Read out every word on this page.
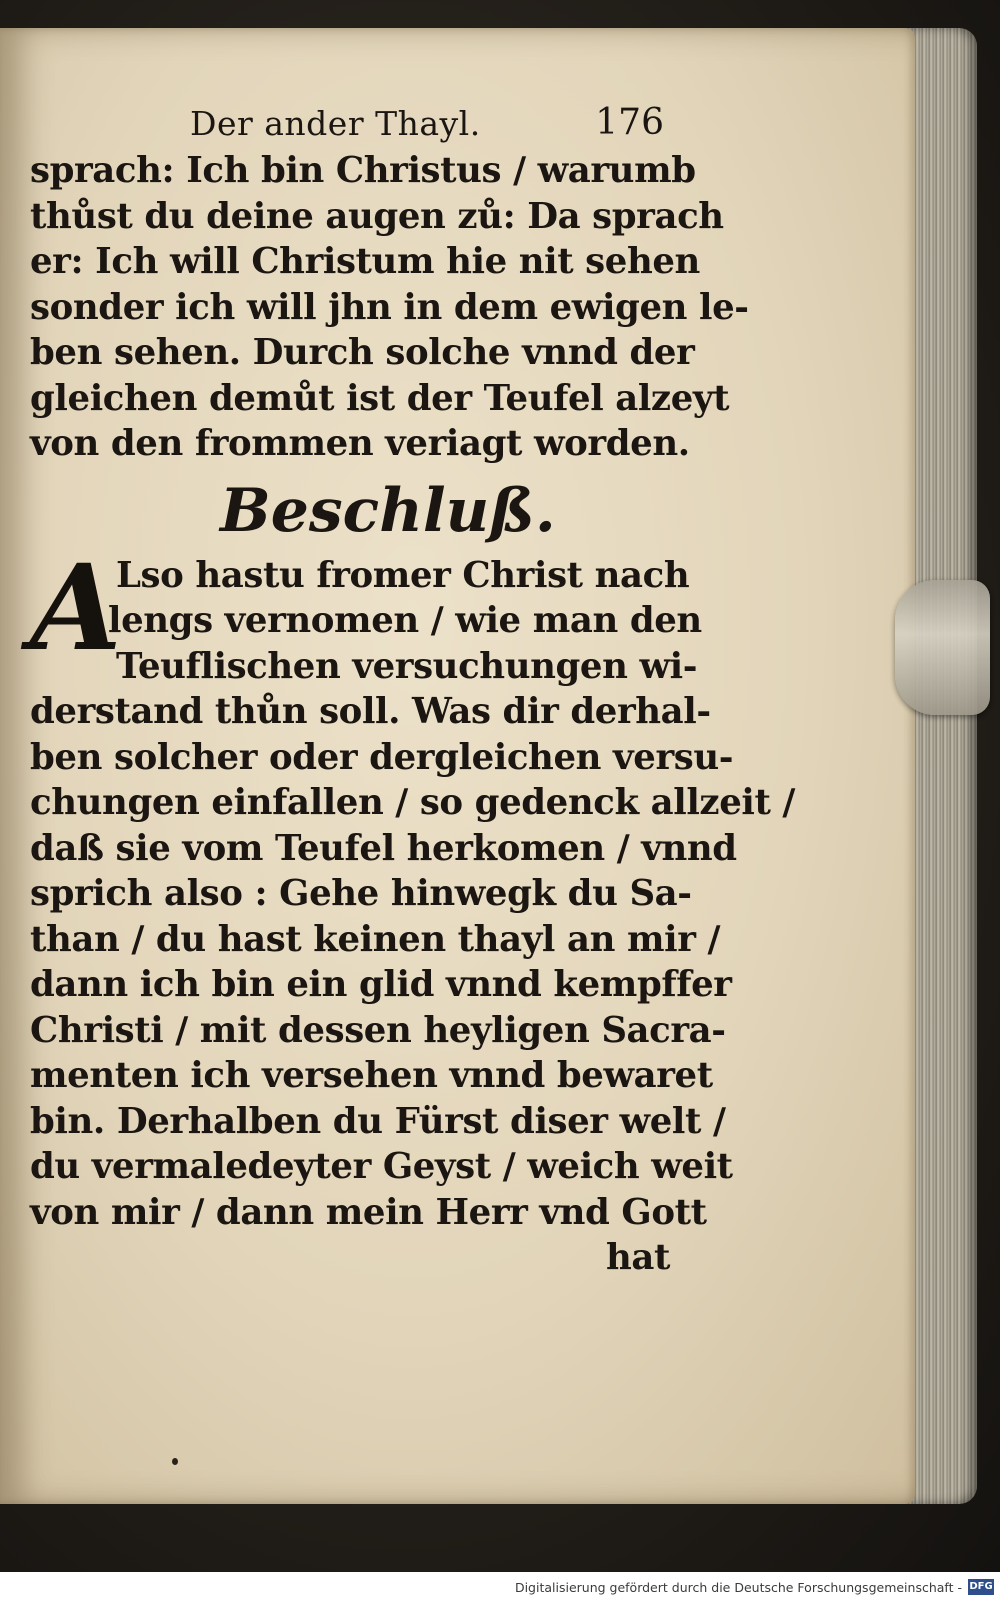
Der ander Thayl.	176
sprach: Ich bin Christus / warumb
thůst du deine augen zů: Da sprach
er: Ich will Christum hie nit sehen
sonder ich will jhn in dem ewigen le-
ben sehen. Durch solche vnnd der
gleichen demůt ist der Teufel alzeyt
von den frommen veriagt worden.
Beschluß.
A
Lso hastu fromer Christ nach
lengs vernomen / wie man den
Teuflischen versuchungen wi-
derstand thůn soll. Was dir derhal-
ben solcher oder dergleichen versu-
chungen einfallen / so gedenck allzeit /
daß sie vom Teufel herkomen / vnnd
sprich also : Gehe hinwegk du Sa-
than / du hast keinen thayl an mir /
dann ich bin ein glid vnnd kempffer
Christi / mit dessen heyligen Sacra-
menten ich versehen vnnd bewaret
bin. Derhalben du Fürst diser welt /
du vermaledeyter Geyst / weich weit
von mir / dann mein Herr vnd Gott
hat
Digitalisierung gefördert durch die Deutsche Forschungsgemeinschaft - DFG
